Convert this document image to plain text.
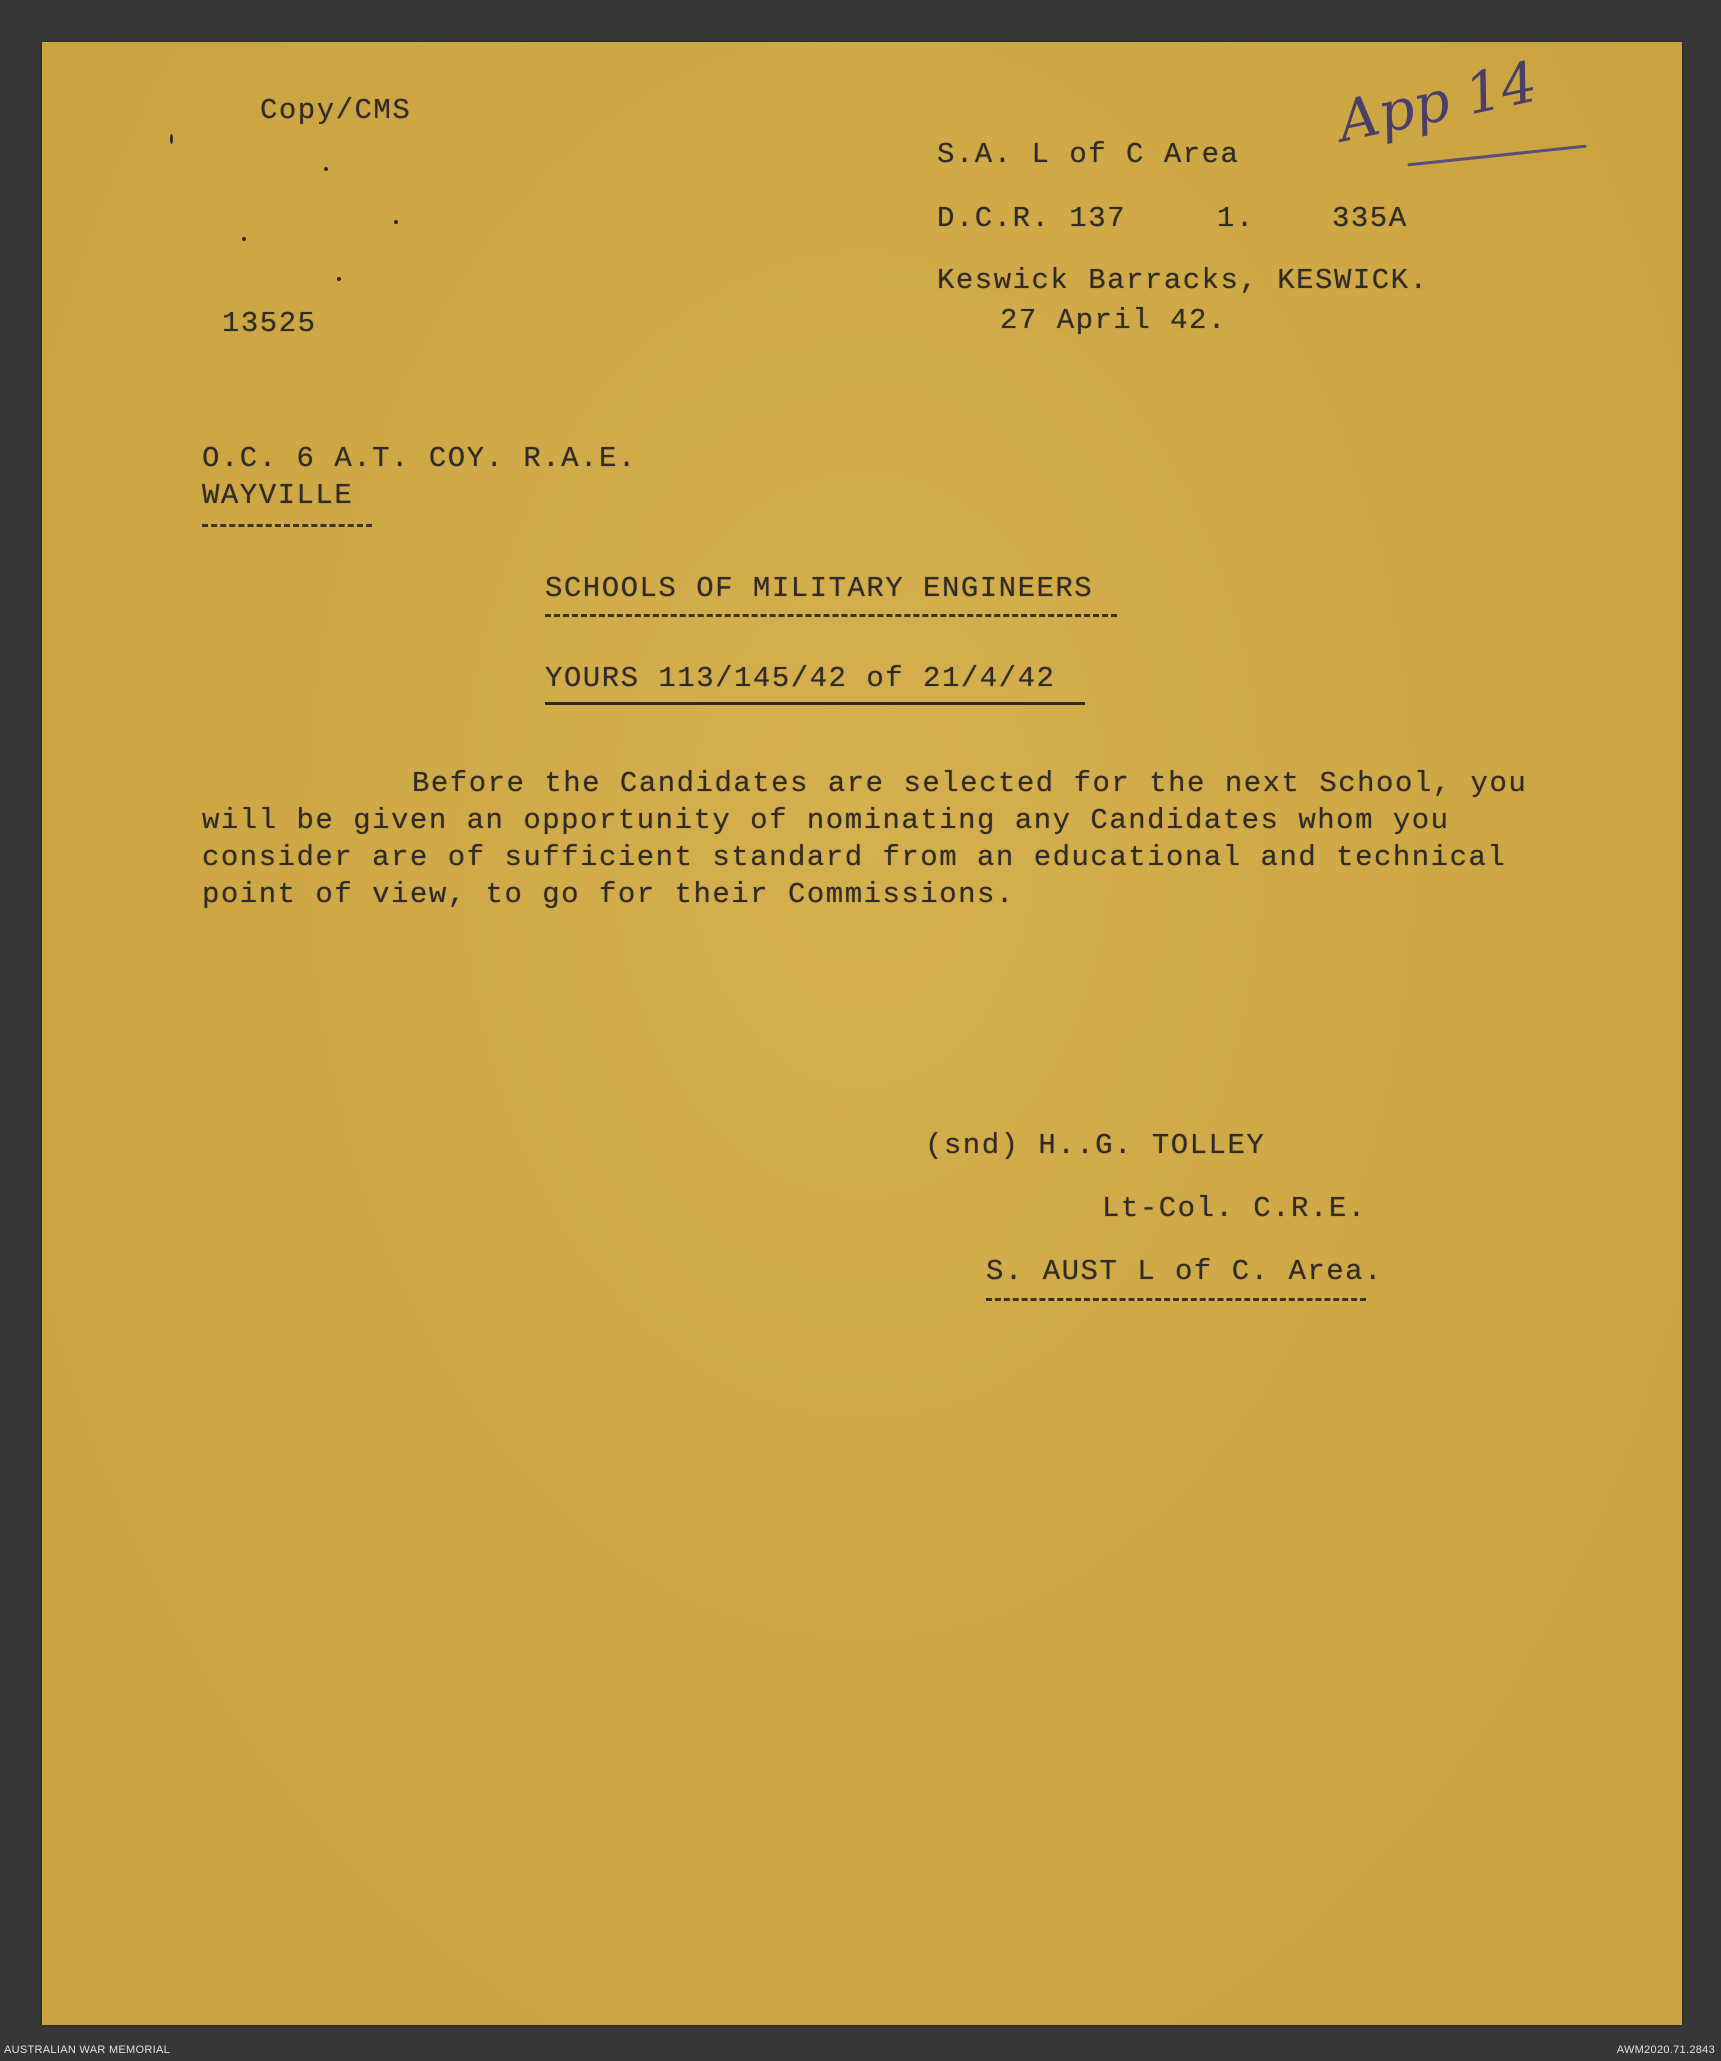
Copy/CMS	App 14
13525
S.A. L of C Area
D.C.R. 137	1.	335A
Keswick Barracks, KESWICK.
27 April 42.
O.C. 6 A.T. COY. R.A.E.
WAYVILLE
SCHOOLS OF MILITARY ENGINEERS
YOURS 113/145/42 of 21/4/42
Before the Candidates are selected for the next School, you
will be given an opportunity of nominating any Candidates whom you
consider are of sufficient standard from an educational and technical
point of view, to go for their Commissions.
(snd) H..G. TOLLEY
Lt-Col. C.R.E.
S. AUST L of C. Area.
AUSTRALIAN WAR MEMORIAL	AWM2020.71.2843
